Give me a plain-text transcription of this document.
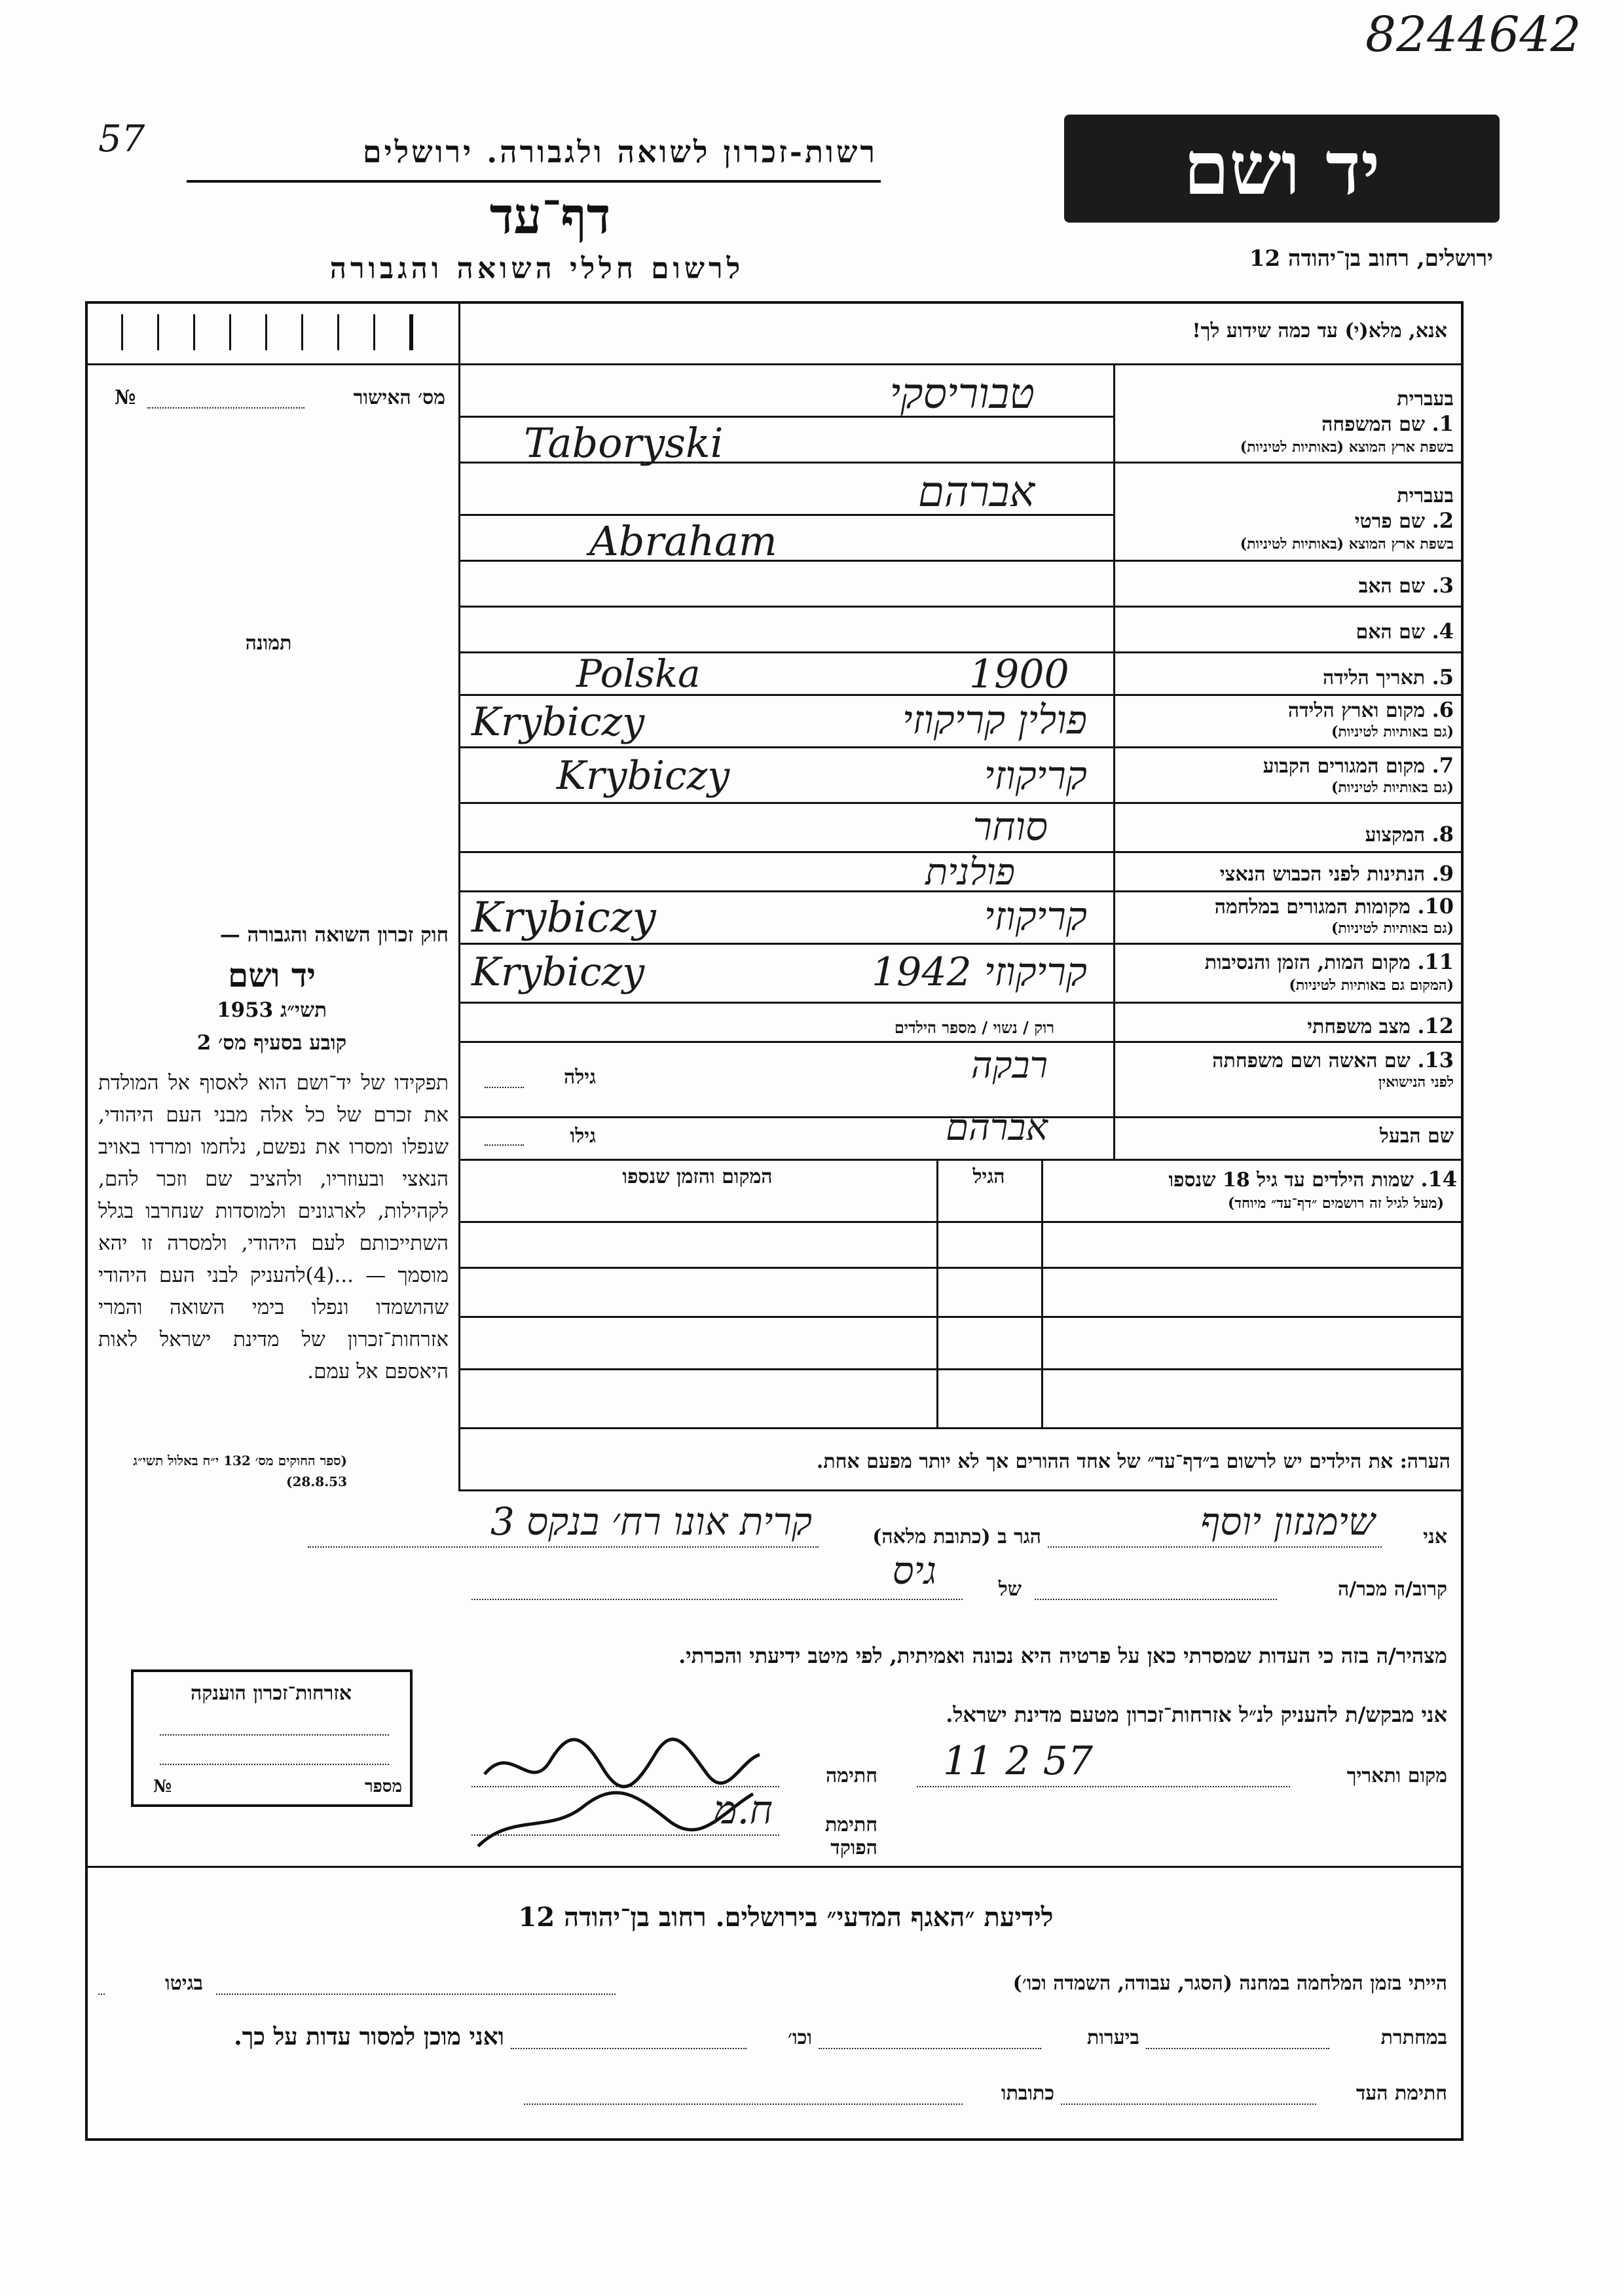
8244642
57	רשות-זכרון לשואה ולגבורה. ירושלים
דף־עד
לרשום חללי השואה והגבורה
יד ושם
ירושלים, רחוב בן־יהודה 12
אנא, מלא(י) עד כמה שידוע לך!
מס׳ האישור
№
תמונה
בעברית
1. שם המשפחה
בשפת ארץ המוצא (באותיות לטיניות)
בעברית
2. שם פרטי
בשפת ארץ המוצא (באותיות לטיניות)
3. שם האב
4. שם האם
5. תאריך הלידה
6. מקום וארץ הלידה
(גם באותיות לטיניות)
7. מקום המגורים הקבוע
(גם באותיות לטיניות)
8. המקצוע
9. הנתינות לפני הכבוש הנאצי
10. מקומות המגורים במלחמה
(גם באותיות לטיניות)
11. מקום המות, הזמן והנסיבות
(המקום גם באותיות לטיניות)
12. מצב משפחתי
13. שם האשה ושם משפחתה
לפני הנישואין
שם הבעל
טבוריסקי
Taboryski
אברהם
Abraham
1900
Polska
פולין קריקוזי
Krybiczy
קריקוזי
Krybiczy
סוחר
פולנית
קריקוזי
Krybiczy
קריקוזי 1942
Krybiczy
רוק / נשוי / מספר הילדים
רבקה
גילה
אברהם
גילו
14. שמות הילדים עד גיל 18 שנספו
(מעל לגיל זה רושמים ״דף־עד״ מיוחד)
הגיל
המקום והזמן שנספו
הערה: את הילדים יש לרשום ב״דף־עד״ של אחד ההורים אך לא יותר מפעם אחת.
חוק זכרון השואה והגבורה —
יד ושם
תשי״ג 1953
קובע בסעיף מס׳ 2
תפקידו של יד־ושם הוא לאסוף אל המולדת את זכרם של כל אלה מבני העם היהודי, שנפלו ומסרו את נפשם, נלחמו ומרדו באויב הנאצי ובעוזריו, ולהציב שם וזכר להם, לקהילות, לארגונים ולמוסדות שנחרבו בגלל השתייכותם לעם היהודי, ולמסרה זו יהא מוסמך — ...(4)להעניק לבני העם היהודי שהושמדו ונפלו בימי השואה והמרי אזרחות־זכרון של מדינת ישראל לאות היאספם אל עמם.
(ספר החוקים מס׳ 132 י״ח באלול תשי״ג 28.8.53)
אני
שימנזון יוסף
הגר ב (כתובת מלאה)
קרית אונו רח׳ בנקס 3
קרוב/ה מכר/ה
של
גיס
מצהיר/ה בזה כי העדות שמסרתי כאן על פרטיה היא נכונה ואמיתית, לפי מיטב ידיעתי והכרתי.
אני מבקש/ת להעניק לנ״ל אזרחות־זכרון מטעם מדינת ישראל.
מקום ותאריך
11 2 57
חתימה
חתימת הפוקד
ח.מ
אזרחות־זכרון הוענקה
מספר
№
לידיעת ״האגף המדעי״ בירושלים. רחוב בן־יהודה 12
הייתי בזמן המלחמה במחנה (הסגר, עבודה, השמדה וכו׳)
בגיטו
במחתרת
ביערות
וכו׳
ואני מוכן למסור עדות על כך.
חתימת העד
כתובתו
